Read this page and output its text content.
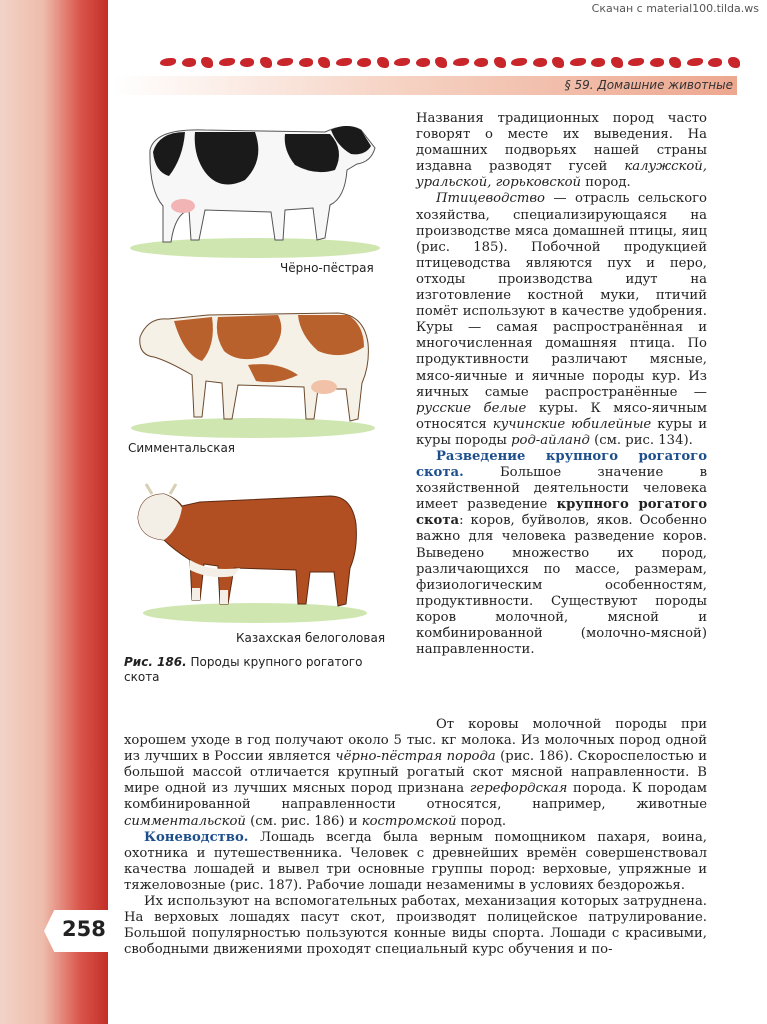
Скачан с material100.tilda.ws
§ 59. Домашние животные
Чёрно-пёстрая
Симментальская
Казахская белоголовая
Рис. 186. Породы крупного рогатого скота

Названия традиционных пород часто говорят о месте их выведения. На домашних подворьях нашей страны издавна разводят гусей калужской, уральской, горьковской пород.

Птицеводство — отрасль сельского хозяйства, специализирующаяся на производстве мяса домашней птицы, яиц (рис. 185). Побочной продукцией птицеводства являются пух и перо, отходы производства идут на изготовление костной муки, птичий помёт используют в качестве удобрения. Куры — самая распространённая и многочисленная домашняя птица. По продуктивности различают мясные, мясо-яичные и яичные породы кур. Из яичных самые распространённые — русские белые куры. К мясо-яичным относятся кучинские юбилейные куры и куры породы род-айланд (см. рис. 134).

Разведение крупного рогатого скота. Большое значение в хозяйственной деятельности человека имеет разведение крупного рогатого скота: коров, буйволов, яков. Особенно важно для человека разведение коров. Выведено множество их пород, различающихся по массе, размерам, физиологическим особенностям, продуктивности. Существуют породы коров молочной, мясной и комбинированной (молочно-мясной) направленности.

От коровы молочной породы при хорошем уходе в год получают около 5 тыс. кг молока. Из молочных пород одной из лучших в России является чёрно-пёстрая порода (рис. 186). Скороспелостью и большой массой отличается крупный рогатый скот мясной направленности. В мире одной из лучших мясных пород признана герефордская порода. К породам комбинированной направленности относятся, например, животные симментальской (см. рис. 186) и костромской пород.

Коневодство. Лошадь всегда была верным помощником пахаря, воина, охотника и путешественника. Человек с древнейших времён совершенствовал качества лошадей и вывел три основные группы пород: верховые, упряжные и тяжеловозные (рис. 187). Рабочие лошади незаменимы в условиях бездорожья.

Их используют на вспомогательных работах, механизация которых затруднена. На верховых лошадях пасут скот, производят полицейское патрулирование. Большой популярностью пользуются конные виды спорта. Лошади с красивыми, свободными движениями проходят специальный курс обучения и по-

258
